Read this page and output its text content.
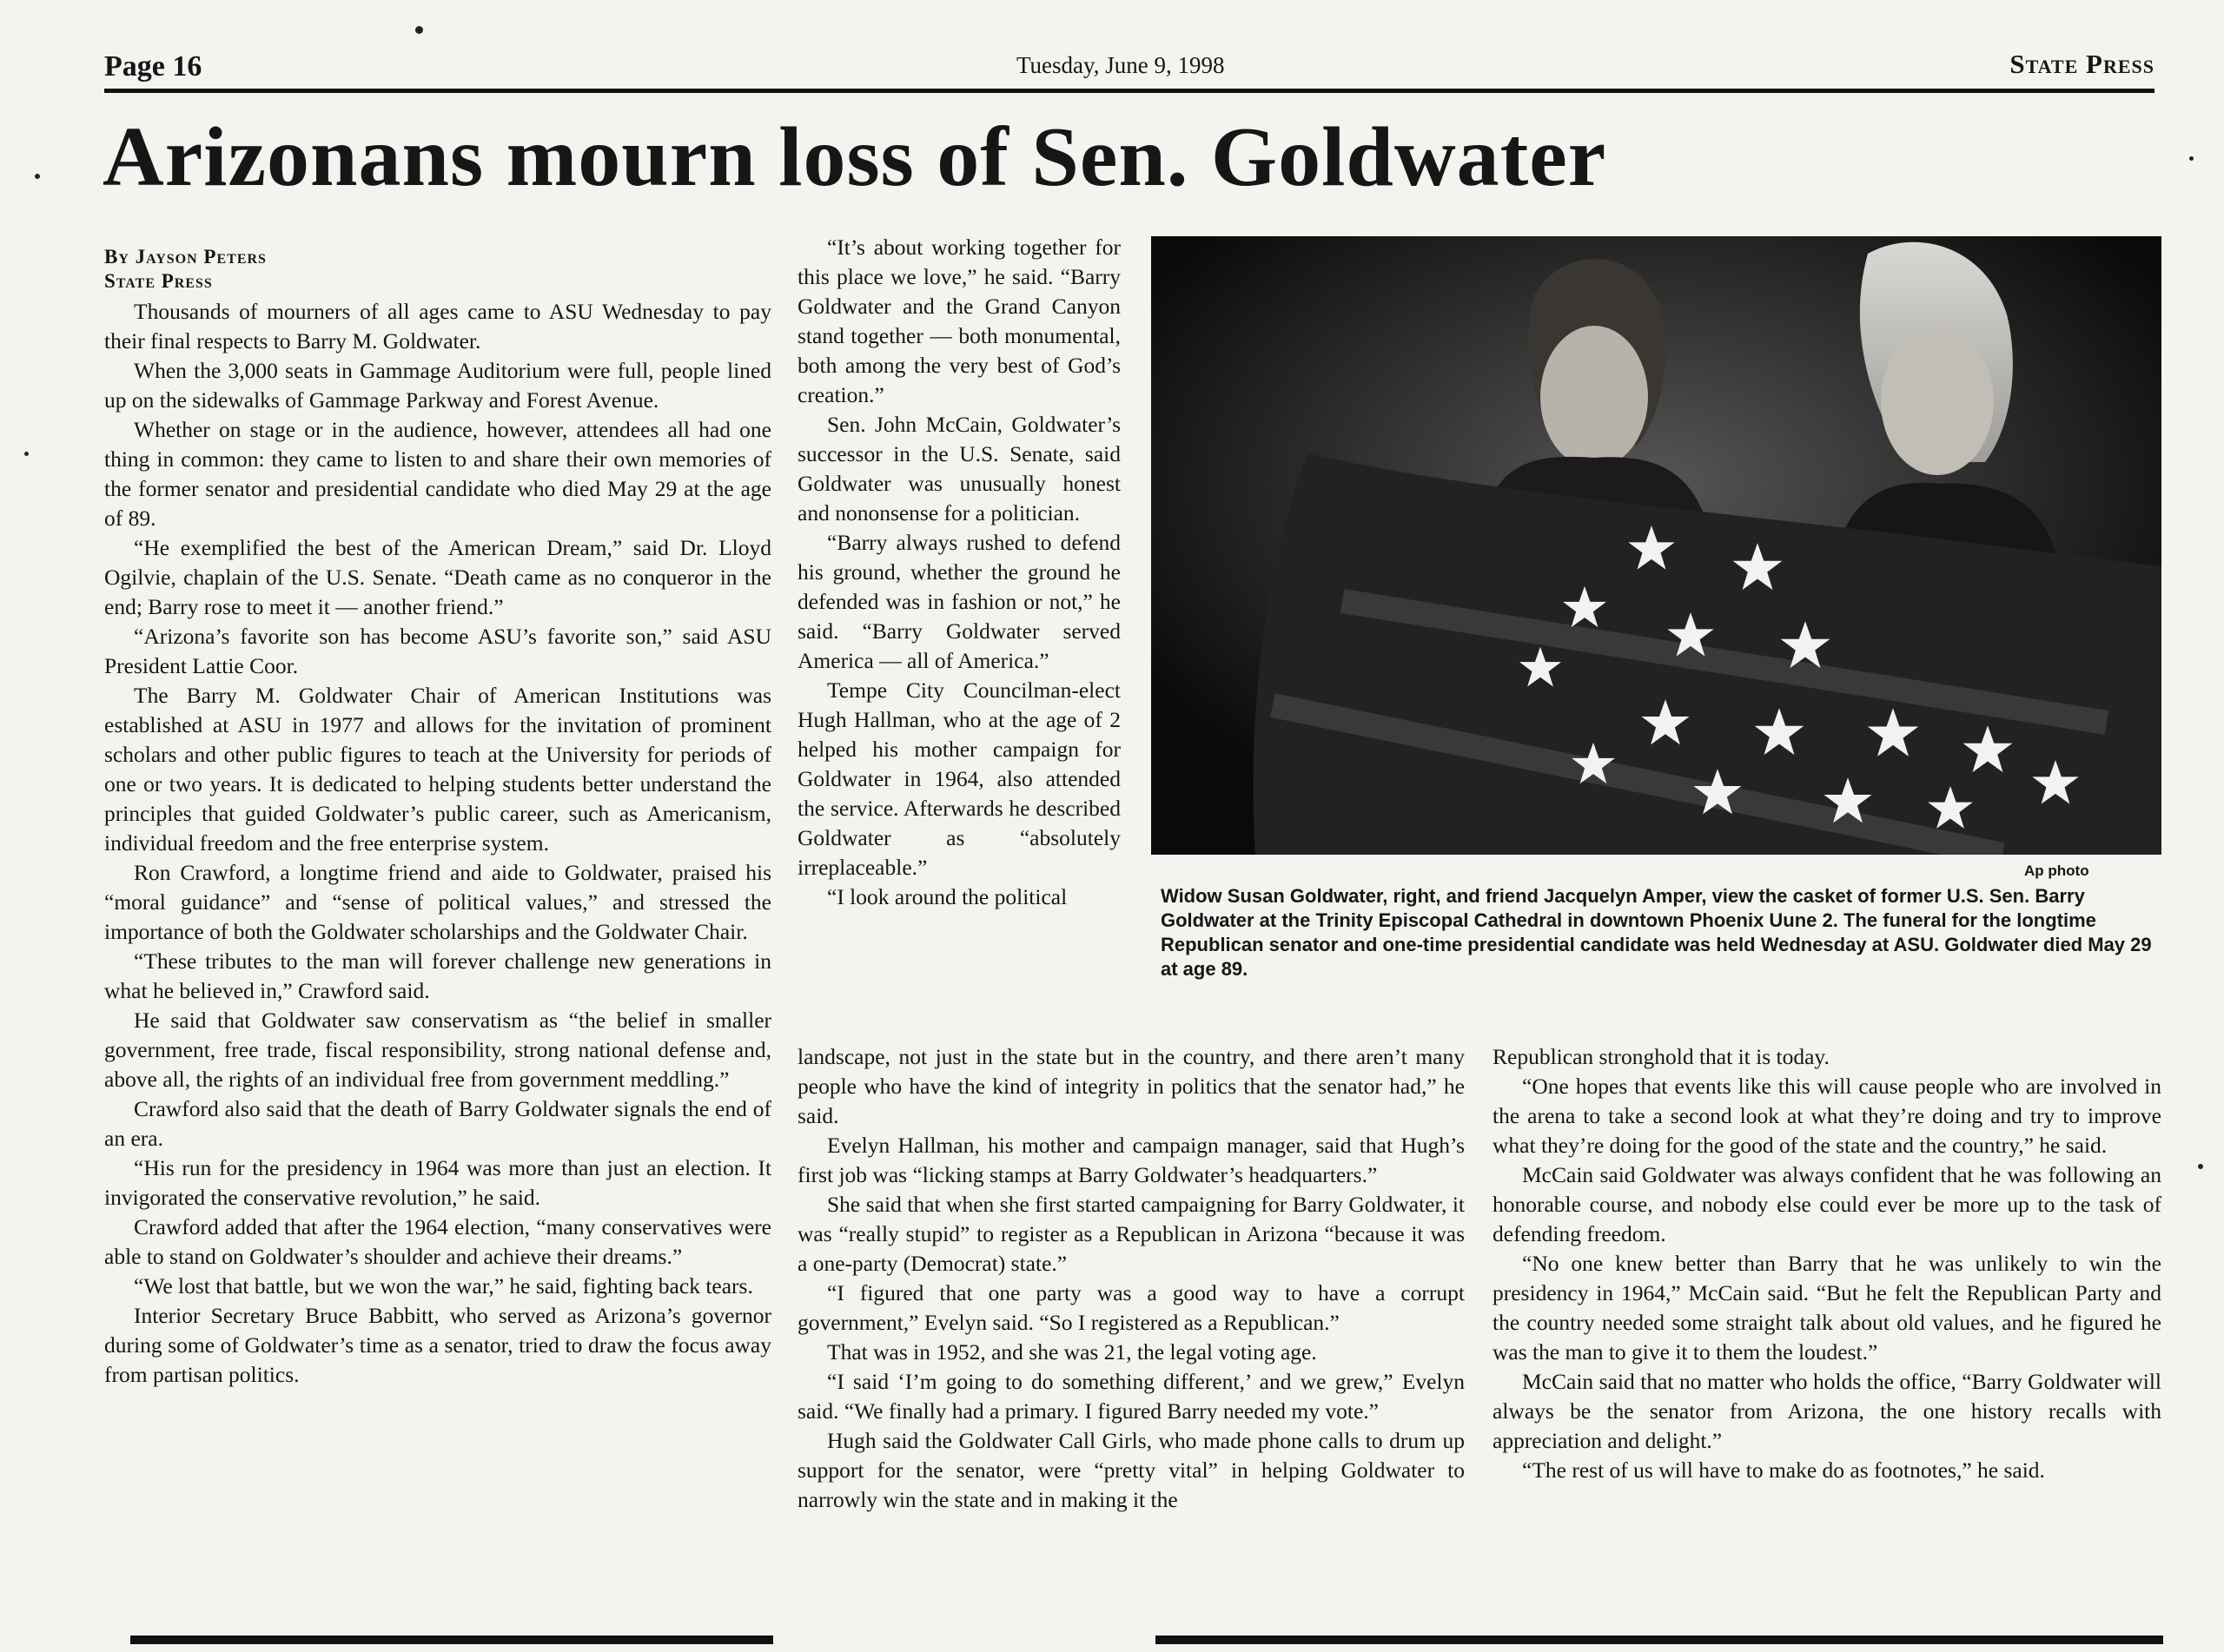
Page 16	Tuesday, June 9, 1998	State Press
Arizonans mourn loss of Sen. Goldwater
By Jayson Peters
State Press

Thousands of mourners of all ages came to ASU Wednesday to pay their final respects to Barry M. Goldwater.

When the 3,000 seats in Gammage Auditorium were full, people lined up on the sidewalks of Gammage Parkway and Forest Avenue.

Whether on stage or in the audience, however, attendees all had one thing in common: they came to listen to and share their own memories of the former senator and presidential candidate who died May 29 at the age of 89.

“He exemplified the best of the American Dream,” said Dr. Lloyd Ogilvie, chaplain of the U.S. Senate. “Death came as no conqueror in the end; Barry rose to meet it — another friend.”

“Arizona’s favorite son has become ASU’s favorite son,” said ASU President Lattie Coor.

The Barry M. Goldwater Chair of American Institutions was established at ASU in 1977 and allows for the invitation of prominent scholars and other public figures to teach at the University for periods of one or two years. It is dedicated to helping students better understand the principles that guided Goldwater’s public career, such as Americanism, individual freedom and the free enterprise system.

Ron Crawford, a longtime friend and aide to Goldwater, praised his “moral guidance” and “sense of political values,” and stressed the importance of both the Goldwater scholarships and the Goldwater Chair.

“These tributes to the man will forever challenge new generations in what he believed in,” Crawford said.

He said that Goldwater saw conservatism as “the belief in smaller government, free trade, fiscal responsibility, strong national defense and, above all, the rights of an individual free from government meddling.”

Crawford also said that the death of Barry Goldwater signals the end of an era.

“His run for the presidency in 1964 was more than just an election. It invigorated the conservative revolution,” he said.

Crawford added that after the 1964 election, “many conservatives were able to stand on Goldwater’s shoulder and achieve their dreams.”

“We lost that battle, but we won the war,” he said, fighting back tears.

Interior Secretary Bruce Babbitt, who served as Arizona’s governor during some of Goldwater’s time as a senator, tried to draw the focus away from partisan politics.

“It’s about working together for this place we love,” he said. “Barry Goldwater and the Grand Canyon stand together — both monumental, both among the very best of God’s creation.”

Sen. John McCain, Goldwater’s successor in the U.S. Senate, said Goldwater was unusually honest and nononsense for a politician.

“Barry always rushed to defend his ground, whether the ground he defended was in fashion or not,” he said. “Barry Goldwater served America — all of America.”

Tempe City Councilman-elect Hugh Hallman, who at the age of 2 helped his mother campaign for Goldwater in 1964, also attended the service. Afterwards he described Goldwater as “absolutely irreplaceable.”

“I look around the political

Ap photo
Widow Susan Goldwater, right, and friend Jacquelyn Amper, view the casket of former U.S. Sen. Barry Goldwater at the Trinity Episcopal Cathedral in downtown Phoenix Uune 2. The funeral for the longtime Republican senator and one-time presidential candidate was held Wednesday at ASU. Goldwater died May 29 at age 89.

landscape, not just in the state but in the country, and there aren’t many people who have the kind of integrity in politics that the senator had,” he said.

Evelyn Hallman, his mother and campaign manager, said that Hugh’s first job was “licking stamps at Barry Goldwater’s headquarters.”

She said that when she first started campaigning for Barry Goldwater, it was “really stupid” to register as a Republican in Arizona “because it was a one-party (Democrat) state.”

“I figured that one party was a good way to have a corrupt government,” Evelyn said. “So I registered as a Republican.”

That was in 1952, and she was 21, the legal voting age.

“I said ‘I’m going to do something different,’ and we grew,” Evelyn said. “We finally had a primary. I figured Barry needed my vote.”

Hugh said the Goldwater Call Girls, who made phone calls to drum up support for the senator, were “pretty vital” in helping Goldwater to narrowly win the state and in making it the

Republican stronghold that it is today.

“One hopes that events like this will cause people who are involved in the arena to take a second look at what they’re doing and try to improve what they’re doing for the good of the state and the country,” he said.

McCain said Goldwater was always confident that he was following an honorable course, and nobody else could ever be more up to the task of defending freedom.

“No one knew better than Barry that he was unlikely to win the presidency in 1964,” McCain said. “But he felt the Republican Party and the country needed some straight talk about old values, and he figured he was the man to give it to them the loudest.”

McCain said that no matter who holds the office, “Barry Goldwater will always be the senator from Arizona, the one history recalls with appreciation and delight.”

“The rest of us will have to make do as footnotes,” he said.
